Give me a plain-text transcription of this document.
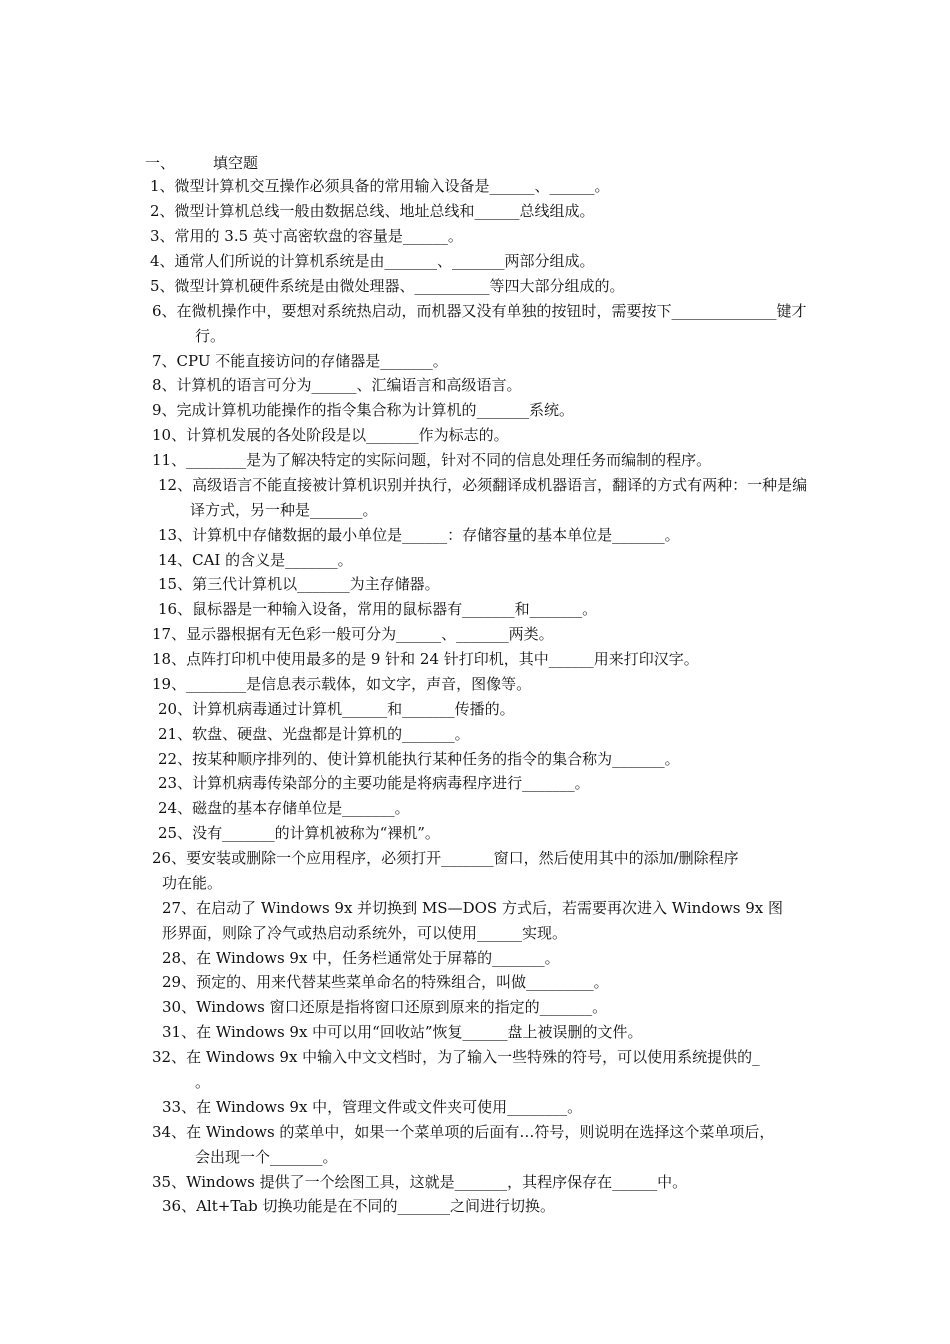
一、	填空题
1、微型计算机交互操作必须具备的常用输入设备是______、______。
2、微型计算机总线一般由数据总线、地址总线和______总线组成。
3、常用的 3.5 英寸高密软盘的容量是______。
4、通常人们所说的计算机系统是由_______、_______两部分组成。
5、微型计算机硬件系统是由微处理器、__________等四大部分组成的。
6、在微机操作中，要想对系统热启动，而机器又没有单独的按钮时，需要按下______________键才
行。
7、CPU 不能直接访问的存储器是_______。
8、计算机的语言可分为______、汇编语言和高级语言。
9、完成计算机功能操作的指令集合称为计算机的_______系统。
10、计算机发展的各处阶段是以_______作为标志的。
11、________是为了解决特定的实际问题，针对不同的信息处理任务而编制的程序。
12、高级语言不能直接被计算机识别并执行，必须翻译成机器语言，翻译的方式有两种：一种是编
译方式，另一种是_______。
13、计算机中存储数据的最小单位是______：存储容量的基本单位是_______。
14、CAI 的含义是_______。
15、第三代计算机以_______为主存储器。
16、鼠标器是一种输入设备，常用的鼠标器有_______和_______。
17、显示器根据有无色彩一般可分为______、_______两类。
18、点阵打印机中使用最多的是 9 针和 24 针打印机，其中______用来打印汉字。
19、________是信息表示载体，如文字，声音，图像等。
20、计算机病毒通过计算机______和_______传播的。
21、软盘、硬盘、光盘都是计算机的_______。
22、按某种顺序排列的、使计算机能执行某种任务的指令的集合称为_______。
23、计算机病毒传染部分的主要功能是将病毒程序进行_______。
24、磁盘的基本存储单位是_______。
25、没有_______的计算机被称为“裸机”。
26、要安装或删除一个应用程序，必须打开_______窗口，然后使用其中的添加/删除程序
功在能。
27、在启动了 Windows 9x 并切换到 MS—DOS 方式后，若需要再次进入 Windows 9x 图
形界面，则除了冷气或热启动系统外，可以使用______实现。
28、在 Windows 9x 中，任务栏通常处于屏幕的_______。
29、预定的、用来代替某些菜单命名的特殊组合，叫做_________。
30、Windows 窗口还原是指将窗口还原到原来的指定的_______。
31、在 Windows 9x 中可以用“回收站”恢复______盘上被误删的文件。
32、在 Windows 9x 中输入中文文档时，为了输入一些特殊的符号，可以使用系统提供的_
。
33、在 Windows 9x 中，管理文件或文件夹可使用________。
34、在 Windows 的菜单中，如果一个菜单项的后面有…符号，则说明在选择这个菜单项后，
会出现一个_______。
35、Windows 提供了一个绘图工具，这就是_______，其程序保存在______中。
36、Alt+Tab 切换功能是在不同的_______之间进行切换。
